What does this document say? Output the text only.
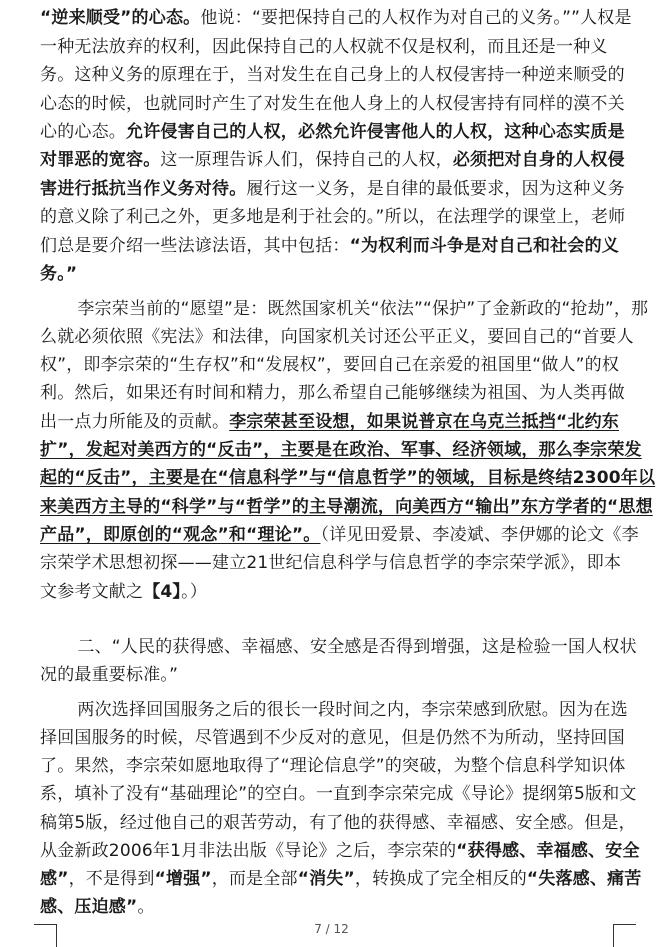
“逆来顺受”的心态。他说：“要把保持自己的人权作为对自己的义务。””人权是
一种无法放弃的权利，因此保持自己的人权就不仅是权利，而且还是一种义
务。这种义务的原理在于，当对发生在自己身上的人权侵害持一种逆来顺受的
心态的时候，也就同时产生了对发生在他人身上的人权侵害持有同样的漠不关
心的心态。允许侵害自己的人权，必然允许侵害他人的人权，这种心态实质是
对罪恶的宽容。这一原理告诉人们，保持自己的人权，必须把对自身的人权侵
害进行抵抗当作义务对待。履行这一义务，是自律的最低要求，因为这种义务
的意义除了利己之外，更多地是利于社会的。”所以，在法理学的课堂上，老师
们总是要介绍一些法谚法语，其中包括：“为权利而斗争是对自己和社会的义
务。”
　　李宗荣当前的“愿望”是：既然国家机关“依法”“保护”了金新政的“抢劫”，那
么就必须依照《宪法》和法律，向国家机关讨还公平正义，要回自己的“首要人
权”，即李宗荣的“生存权”和“发展权”，要回自己在亲爱的祖国里“做人”的权
利。然后，如果还有时间和精力，那么希望自己能够继续为祖国、为人类再做
出一点力所能及的贡献。李宗荣甚至设想，如果说普京在乌克兰抵挡“北约东
扩”，发起对美西方的“反击”，主要是在政治、军事、经济领域，那么李宗荣发
起的“反击”，主要是在“信息科学”与“信息哲学”的领域，目标是终结2300年以
来美西方主导的“科学”与“哲学”的主导潮流，向美西方“输出”东方学者的“思想
产品”，即原创的“观念”和“理论”。（详见田爱景、李凌斌、李伊娜的论文《李
宗荣学术思想初探——建立21世纪信息科学与信息哲学的李宗荣学派》，即本
文参考文献之【4】。）
　　二、“人民的获得感、幸福感、安全感是否得到增强，这是检验一国人权状
况的最重要标准。”
　　两次选择回国服务之后的很长一段时间之内，李宗荣感到欣慰。因为在选
择回国服务的时候，尽管遇到不少反对的意见，但是仍然不为所动，坚持回国
了。果然，李宗荣如愿地取得了“理论信息学”的突破，为整个信息科学知识体
系，填补了没有“基础理论”的空白。一直到李宗荣完成《导论》提纲第5版和文
稿第5版，经过他自己的艰苦劳动，有了他的获得感、幸福感、安全感。但是，
从金新政2006年1月非法出版《导论》之后，李宗荣的“获得感、幸福感、安全
感”，不是得到“增强”，而是全部“消失”，转换成了完全相反的“失落感、痛苦
感、压迫感”。
7 / 12
